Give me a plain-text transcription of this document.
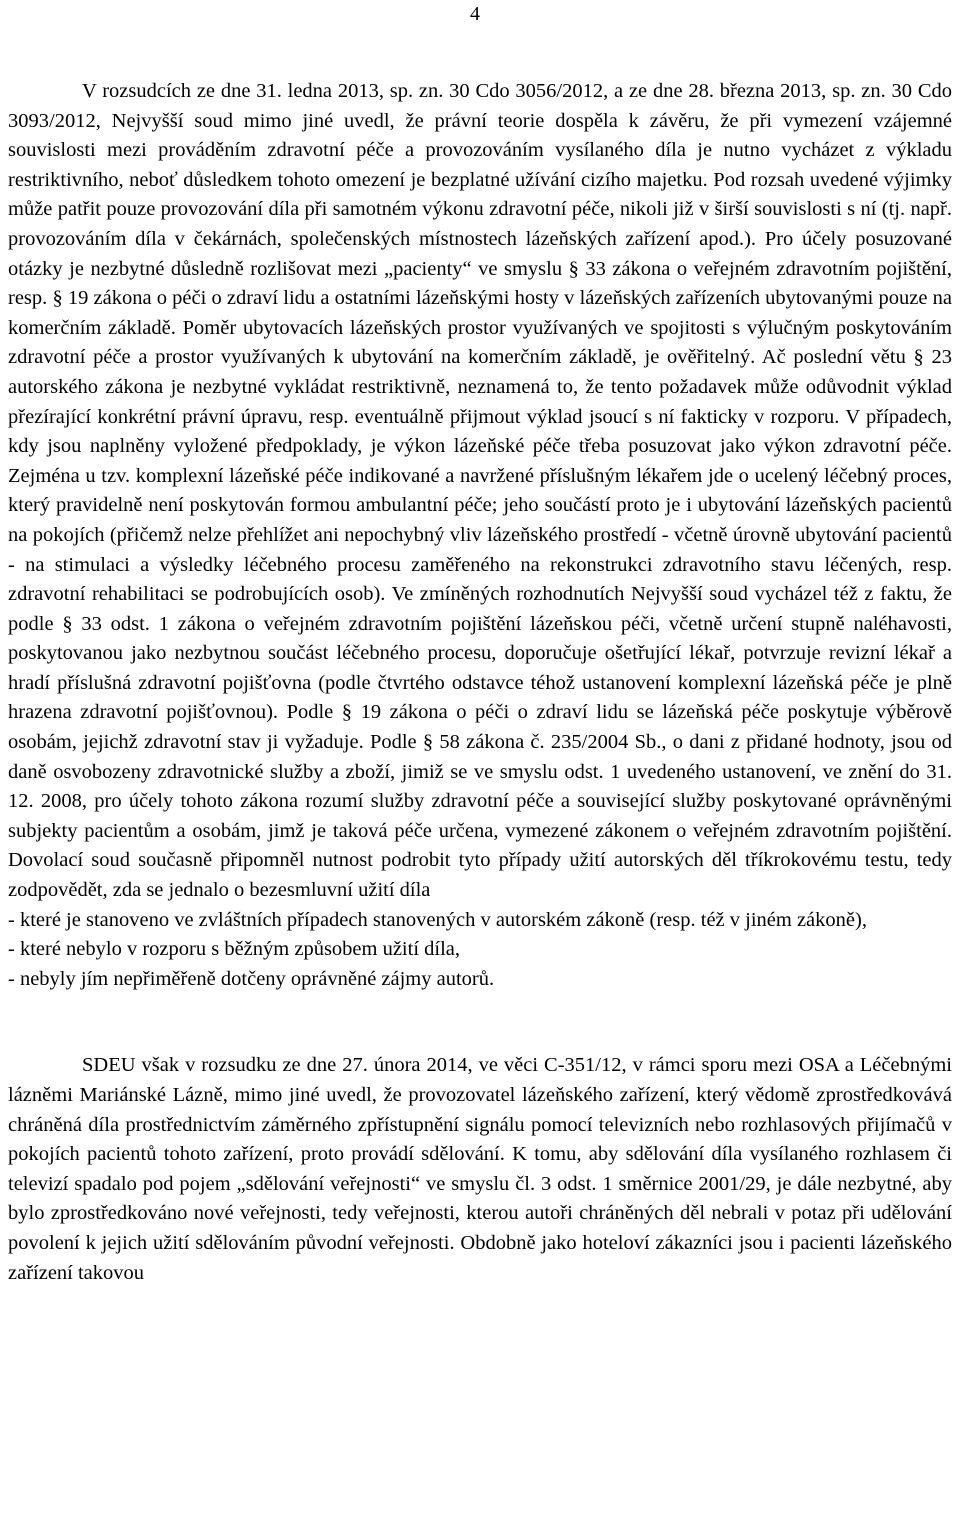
4

V rozsudcích ze dne 31. ledna 2013, sp. zn. 30 Cdo 3056/2012, a ze dne 28. března 2013, sp. zn. 30 Cdo 3093/2012, Nejvyšší soud mimo jiné uvedl, že právní teorie dospěla k závěru, že při vymezení vzájemné souvislosti mezi prováděním zdravotní péče a provozováním vysílaného díla je nutno vycházet z výkladu restriktivního, neboť důsledkem tohoto omezení je bezplatné užívání cizího majetku. Pod rozsah uvedené výjimky může patřit pouze provozování díla při samotném výkonu zdravotní péče, nikoli již v širší souvislosti s ní (tj. např. provozováním díla v čekárnách, společenských místnostech lázeňských zařízení apod.). Pro účely posuzované otázky je nezbytné důsledně rozlišovat mezi „pacienty“ ve smyslu § 33 zákona o veřejném zdravotním pojištění, resp. § 19 zákona o péči o zdraví lidu a ostatními lázeňskými hosty v lázeňských zařízeních ubytovanými pouze na komerčním základě. Poměr ubytovacích lázeňských prostor využívaných ve spojitosti s výlučným poskytováním zdravotní péče a prostor využívaných k ubytování na komerčním základě, je ověřitelný. Ač poslední větu § 23 autorského zákona je nezbytné vykládat restriktivně, neznamená to, že tento požadavek může odůvodnit výklad přezírající konkrétní právní úpravu, resp. eventuálně přijmout výklad jsoucí s ní fakticky v rozporu. V případech, kdy jsou naplněny vyložené předpoklady, je výkon lázeňské péče třeba posuzovat jako výkon zdravotní péče. Zejména u tzv. komplexní lázeňské péče indikované a navržené příslušným lékařem jde o ucelený léčebný proces, který pravidelně není poskytován formou ambulantní péče; jeho součástí proto je i ubytování lázeňských pacientů na pokojích (přičemž nelze přehlížet ani nepochybný vliv lázeňského prostředí - včetně úrovně ubytování pacientů - na stimulaci a výsledky léčebného procesu zaměřeného na rekonstrukci zdravotního stavu léčených, resp. zdravotní rehabilitaci se podrobujících osob). Ve zmíněných rozhodnutích Nejvyšší soud vycházel též z faktu, že podle § 33 odst. 1 zákona o veřejném zdravotním pojištění lázeňskou péči, včetně určení stupně naléhavosti, poskytovanou jako nezbytnou součást léčebného procesu, doporučuje ošetřující lékař, potvrzuje revizní lékař a hradí příslušná zdravotní pojišťovna (podle čtvrtého odstavce téhož ustanovení komplexní lázeňská péče je plně hrazena zdravotní pojišťovnou). Podle § 19 zákona o péči o zdraví lidu se lázeňská péče poskytuje výběrově osobám, jejichž zdravotní stav ji vyžaduje. Podle § 58 zákona č. 235/2004 Sb., o dani z přidané hodnoty, jsou od daně osvobozeny zdravotnické služby a zboží, jimiž se ve smyslu odst. 1 uvedeného ustanovení, ve znění do 31. 12. 2008, pro účely tohoto zákona rozumí služby zdravotní péče a související služby poskytované oprávněnými subjekty pacientům a osobám, jimž je taková péče určena, vymezené zákonem o veřejném zdravotním pojištění. Dovolací soud současně připomněl nutnost podrobit tyto případy užití autorských děl tříkrokovému testu, tedy zodpovědět, zda se jednalo o bezesmluvní užití díla

- které je stanoveno ve zvláštních případech stanovených v autorském zákoně (resp. též v jiném zákoně),

- které nebylo v rozporu s běžným způsobem užití díla,

- nebyly jím nepřiměřeně dotčeny oprávněné zájmy autorů.

SDEU však v rozsudku ze dne 27. února 2014, ve věci C-351/12, v rámci sporu mezi OSA a Léčebnými lázněmi Mariánské Lázně, mimo jiné uvedl, že provozovatel lázeňského zařízení, který vědomě zprostředkovává chráněná díla prostřednictvím záměrného zpřístupnění signálu pomocí televizních nebo rozhlasových přijímačů v pokojích pacientů tohoto zařízení, proto provádí sdělování. K tomu, aby sdělování díla vysílaného rozhlasem či televizí spadalo pod pojem „sdělování veřejnosti“ ve smyslu čl. 3 odst. 1 směrnice 2001/29, je dále nezbytné, aby bylo zprostředkováno nové veřejnosti, tedy veřejnosti, kterou autoři chráněných děl nebrali v potaz při udělování povolení k jejich užití sdělováním původní veřejnosti. Obdobně jako hoteloví zákazníci jsou i pacienti lázeňského zařízení takovou
